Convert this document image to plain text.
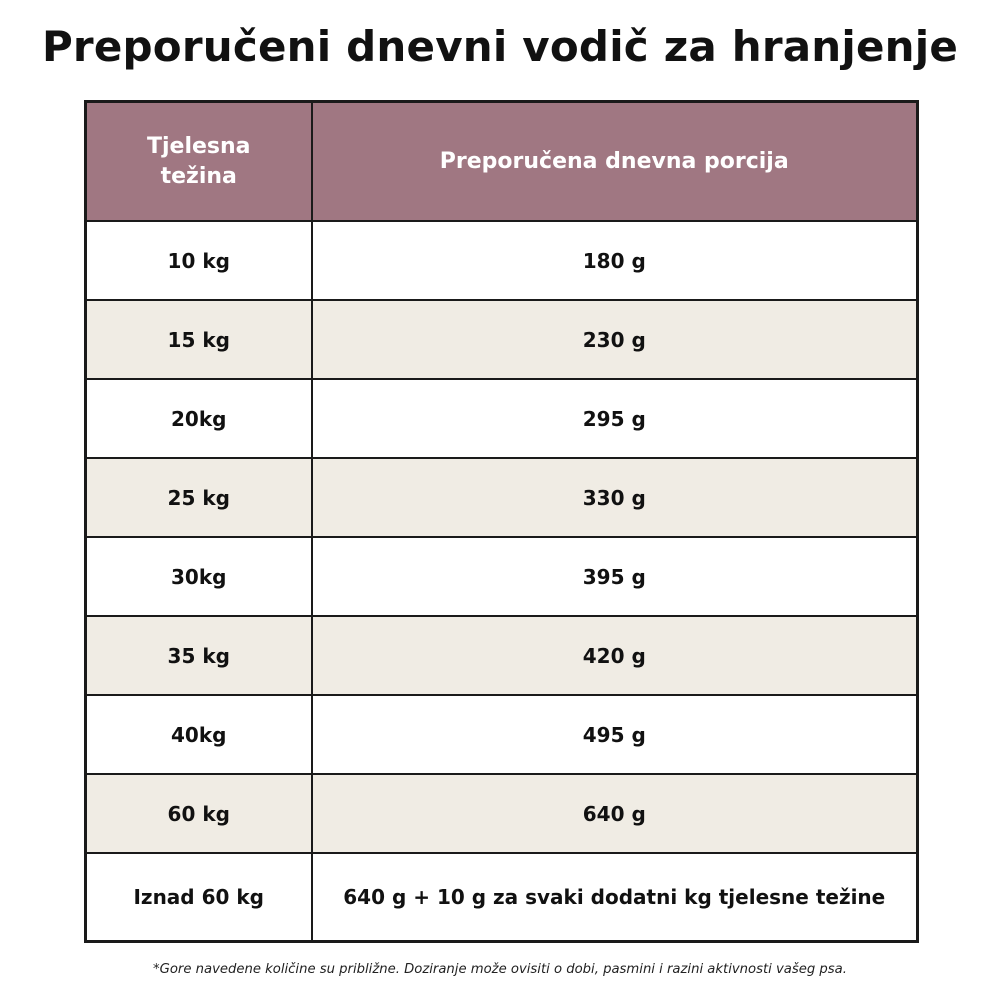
Preporučeni dnevni vodič za hranjenje
Tjelesna
težina	Preporučena dnevna porcija
10 kg	180 g
15 kg	230 g
20kg	295 g
25 kg	330 g
30kg	395 g
35 kg	420 g
40kg	495 g
60 kg	640 g
Iznad 60 kg	640 g + 10 g za svaki dodatni kg tjelesne težine
*Gore navedene količine su približne. Doziranje može ovisiti o dobi, pasmini i razini aktivnosti vašeg psa.
